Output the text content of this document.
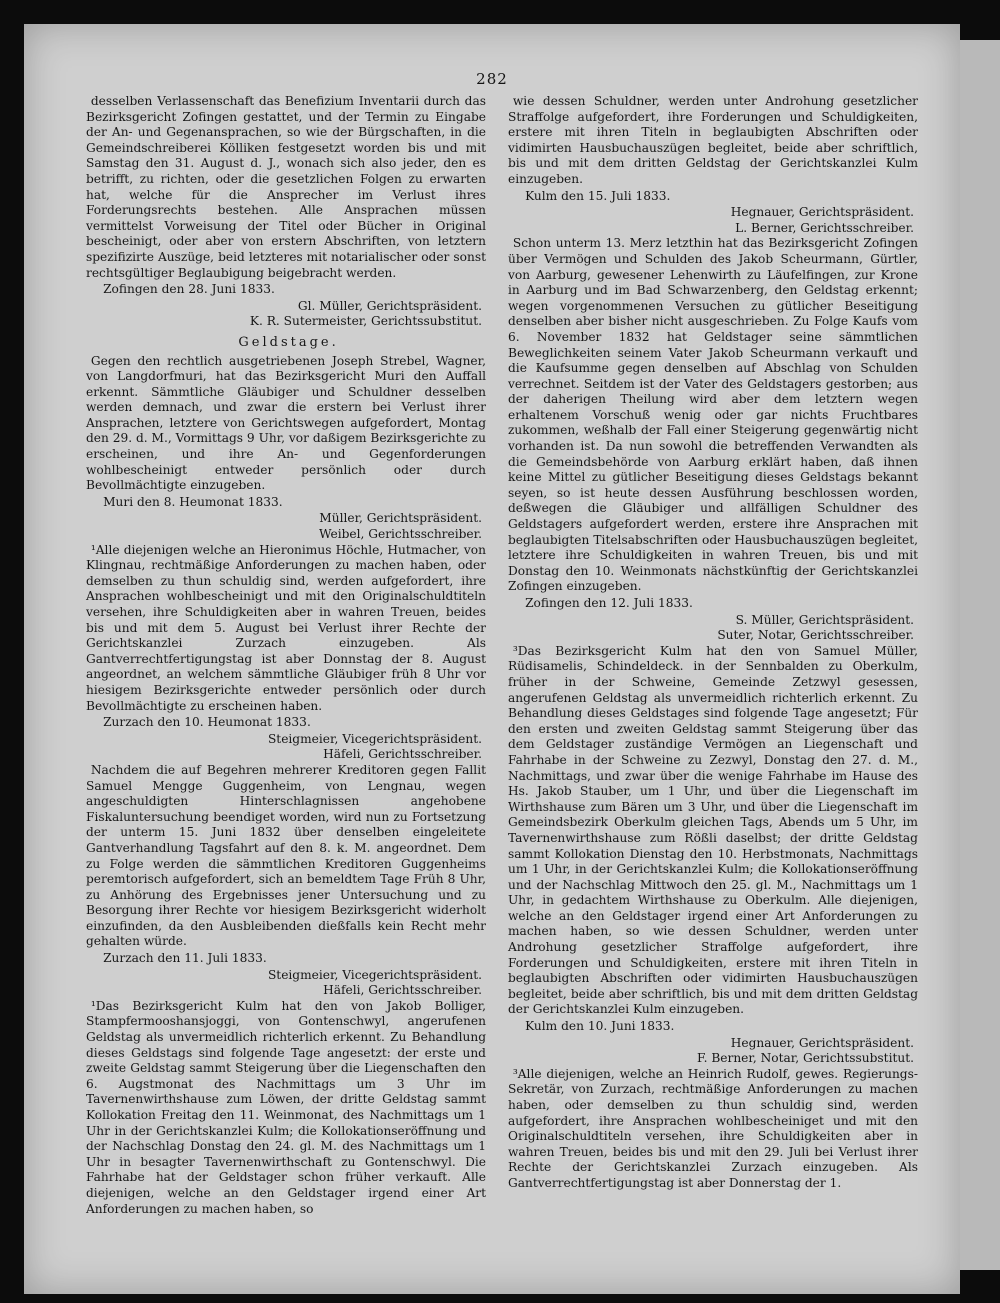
282

desselben Verlassenschaft das Benefizium Inventarii durch das Bezirksgericht Zofingen gestattet, und der Termin zu Eingabe der An- und Gegenansprachen, so wie der Bürgschaften, in die Gemeindschreiberei Kölliken festgesetzt worden bis und mit Samstag den 31. August d. J., wonach sich also jeder, den es betrifft, zu richten, oder die gesetzlichen Folgen zu erwarten hat, welche für die Ansprecher im Verlust ihres Forderungsrechts bestehen. Alle Ansprachen müssen vermittelst Vorweisung der Titel oder Bücher in Original bescheinigt, oder aber von erstern Abschriften, von letztern spezifizirte Auszüge, beid letzteres mit notarialischer oder sonst rechtsgültiger Beglaubigung beigebracht werden.

Zofingen den 28. Juni 1833.

Gl. Müller, Gerichtspräsident.

K. R. Sutermeister, Gerichtssubstitut.

Geldstage.

Gegen den rechtlich ausgetriebenen Joseph Strebel, Wagner, von Langdorfmuri, hat das Bezirksgericht Muri den Auffall erkennt. Sämmtliche Gläubiger und Schuldner desselben werden demnach, und zwar die erstern bei Verlust ihrer Ansprachen, letztere von Gerichtswegen aufgefordert, Montag den 29. d. M., Vormittags 9 Uhr, vor daßigem Bezirksgerichte zu erscheinen, und ihre An- und Gegenforderungen wohlbescheinigt entweder persönlich oder durch Bevollmächtigte einzugeben.

Muri den 8. Heumonat 1833.

Müller, Gerichtspräsident.

Weibel, Gerichtsschreiber.

¹Alle diejenigen welche an Hieronimus Höchle, Hutmacher, von Klingnau, rechtmäßige Anforderungen zu machen haben, oder demselben zu thun schuldig sind, werden aufgefordert, ihre Ansprachen wohlbescheinigt und mit den Originalschuldtiteln versehen, ihre Schuldigkeiten aber in wahren Treuen, beides bis und mit dem 5. August bei Verlust ihrer Rechte der Gerichtskanzlei Zurzach einzugeben. Als Gantverrechtfertigungstag ist aber Donnstag der 8. August angeordnet, an welchem sämmtliche Gläubiger früh 8 Uhr vor hiesigem Bezirksgerichte entweder persönlich oder durch Bevollmächtigte zu erscheinen haben.

Zurzach den 10. Heumonat 1833.

Steigmeier, Vicegerichtspräsident.

Häfeli, Gerichtsschreiber.

Nachdem die auf Begehren mehrerer Kreditoren gegen Fallit Samuel Mengge Guggenheim, von Lengnau, wegen angeschuldigten Hinterschlagnissen angehobene Fiskaluntersuchung beendiget worden, wird nun zu Fortsetzung der unterm 15. Juni 1832 über denselben eingeleitete Gantverhandlung Tagsfahrt auf den 8. k. M. angeordnet. Dem zu Folge werden die sämmtlichen Kreditoren Guggenheims peremtorisch aufgefordert, sich an bemeldtem Tage Früh 8 Uhr, zu Anhörung des Ergebnisses jener Untersuchung und zu Besorgung ihrer Rechte vor hiesigem Bezirksgericht widerholt einzufinden, da den Ausbleibenden dießfalls kein Recht mehr gehalten würde.

Zurzach den 11. Juli 1833.

Steigmeier, Vicegerichtspräsident.

Häfeli, Gerichtsschreiber.

¹Das Bezirksgericht Kulm hat den von Jakob Bolliger, Stampfermooshansjoggi, von Gontenschwyl, angerufenen Geldstag als unvermeidlich richterlich erkennt. Zu Behandlung dieses Geldstags sind folgende Tage angesetzt: der erste und zweite Geldstag sammt Steigerung über die Liegenschaften den 6. Augstmonat des Nachmittags um 3 Uhr im Tavernenwirthshause zum Löwen, der dritte Geldstag sammt Kollokation Freitag den 11. Weinmonat, des Nachmittags um 1 Uhr in der Gerichtskanzlei Kulm; die Kollokationseröffnung und der Nachschlag Donstag den 24. gl. M. des Nachmittags um 1 Uhr in besagter Tavernenwirthschaft zu Gontenschwyl. Die Fahrhabe hat der Geldstager schon früher verkauft. Alle diejenigen, welche an den Geldstager irgend einer Art Anforderungen zu machen haben, so

wie dessen Schuldner, werden unter Androhung gesetzlicher Straffolge aufgefordert, ihre Forderungen und Schuldigkeiten, erstere mit ihren Titeln in beglaubigten Abschriften oder vidimirten Hausbuchauszügen begleitet, beide aber schriftlich, bis und mit dem dritten Geldstag der Gerichtskanzlei Kulm einzugeben.

Kulm den 15. Juli 1833.

Hegnauer, Gerichtspräsident.

L. Berner, Gerichtsschreiber.

Schon unterm 13. Merz letzthin hat das Bezirksgericht Zofingen über Vermögen und Schulden des Jakob Scheurmann, Gürtler, von Aarburg, gewesener Lehenwirth zu Läufelfingen, zur Krone in Aarburg und im Bad Schwarzenberg, den Geldstag erkennt; wegen vorgenommenen Versuchen zu gütlicher Beseitigung denselben aber bisher nicht ausgeschrieben. Zu Folge Kaufs vom 6. November 1832 hat Geldstager seine sämmtlichen Beweglichkeiten seinem Vater Jakob Scheurmann verkauft und die Kaufsumme gegen denselben auf Abschlag von Schulden verrechnet. Seitdem ist der Vater des Geldstagers gestorben; aus der daherigen Theilung wird aber dem letztern wegen erhaltenem Vorschuß wenig oder gar nichts Fruchtbares zukommen, weßhalb der Fall einer Steigerung gegenwärtig nicht vorhanden ist. Da nun sowohl die betreffenden Verwandten als die Gemeindsbehörde von Aarburg erklärt haben, daß ihnen keine Mittel zu gütlicher Beseitigung dieses Geldstags bekannt seyen, so ist heute dessen Ausführung beschlossen worden, deßwegen die Gläubiger und allfälligen Schuldner des Geldstagers aufgefordert werden, erstere ihre Ansprachen mit beglaubigten Titelsabschriften oder Hausbuchauszügen begleitet, letztere ihre Schuldigkeiten in wahren Treuen, bis und mit Donstag den 10. Weinmonats nächstkünftig der Gerichtskanzlei Zofingen einzugeben.

Zofingen den 12. Juli 1833.

S. Müller, Gerichtspräsident.

Suter, Notar, Gerichtsschreiber.

³Das Bezirksgericht Kulm hat den von Samuel Müller, Rüdisamelis, Schindeldeck. in der Sennbalden zu Oberkulm, früher in der Schweine, Gemeinde Zetzwyl gesessen, angerufenen Geldstag als unvermeidlich richterlich erkennt. Zu Behandlung dieses Geldstages sind folgende Tage angesetzt; Für den ersten und zweiten Geldstag sammt Steigerung über das dem Geldstager zuständige Vermögen an Liegenschaft und Fahrhabe in der Schweine zu Zezwyl, Donstag den 27. d. M., Nachmittags, und zwar über die wenige Fahrhabe im Hause des Hs. Jakob Stauber, um 1 Uhr, und über die Liegenschaft im Wirthshause zum Bären um 3 Uhr, und über die Liegenschaft im Gemeindsbezirk Oberkulm gleichen Tags, Abends um 5 Uhr, im Tavernenwirthshause zum Rößli daselbst; der dritte Geldstag sammt Kollokation Dienstag den 10. Herbstmonats, Nachmittags um 1 Uhr, in der Gerichtskanzlei Kulm; die Kollokationseröffnung und der Nachschlag Mittwoch den 25. gl. M., Nachmittags um 1 Uhr, in gedachtem Wirthshause zu Oberkulm. Alle diejenigen, welche an den Geldstager irgend einer Art Anforderungen zu machen haben, so wie dessen Schuldner, werden unter Androhung gesetzlicher Straffolge aufgefordert, ihre Forderungen und Schuldigkeiten, erstere mit ihren Titeln in beglaubigten Abschriften oder vidimirten Hausbuchauszügen begleitet, beide aber schriftlich, bis und mit dem dritten Geldstag der Gerichtskanzlei Kulm einzugeben.

Kulm den 10. Juni 1833.

Hegnauer, Gerichtspräsident.

F. Berner, Notar, Gerichtssubstitut.

³Alle diejenigen, welche an Heinrich Rudolf, gewes. Regierungs-Sekretär, von Zurzach, rechtmäßige Anforderungen zu machen haben, oder demselben zu thun schuldig sind, werden aufgefordert, ihre Ansprachen wohlbescheiniget und mit den Originalschuldtiteln versehen, ihre Schuldigkeiten aber in wahren Treuen, beides bis und mit den 29. Juli bei Verlust ihrer Rechte der Gerichtskanzlei Zurzach einzugeben. Als Gantverrechtfertigungstag ist aber Donnerstag der 1.
